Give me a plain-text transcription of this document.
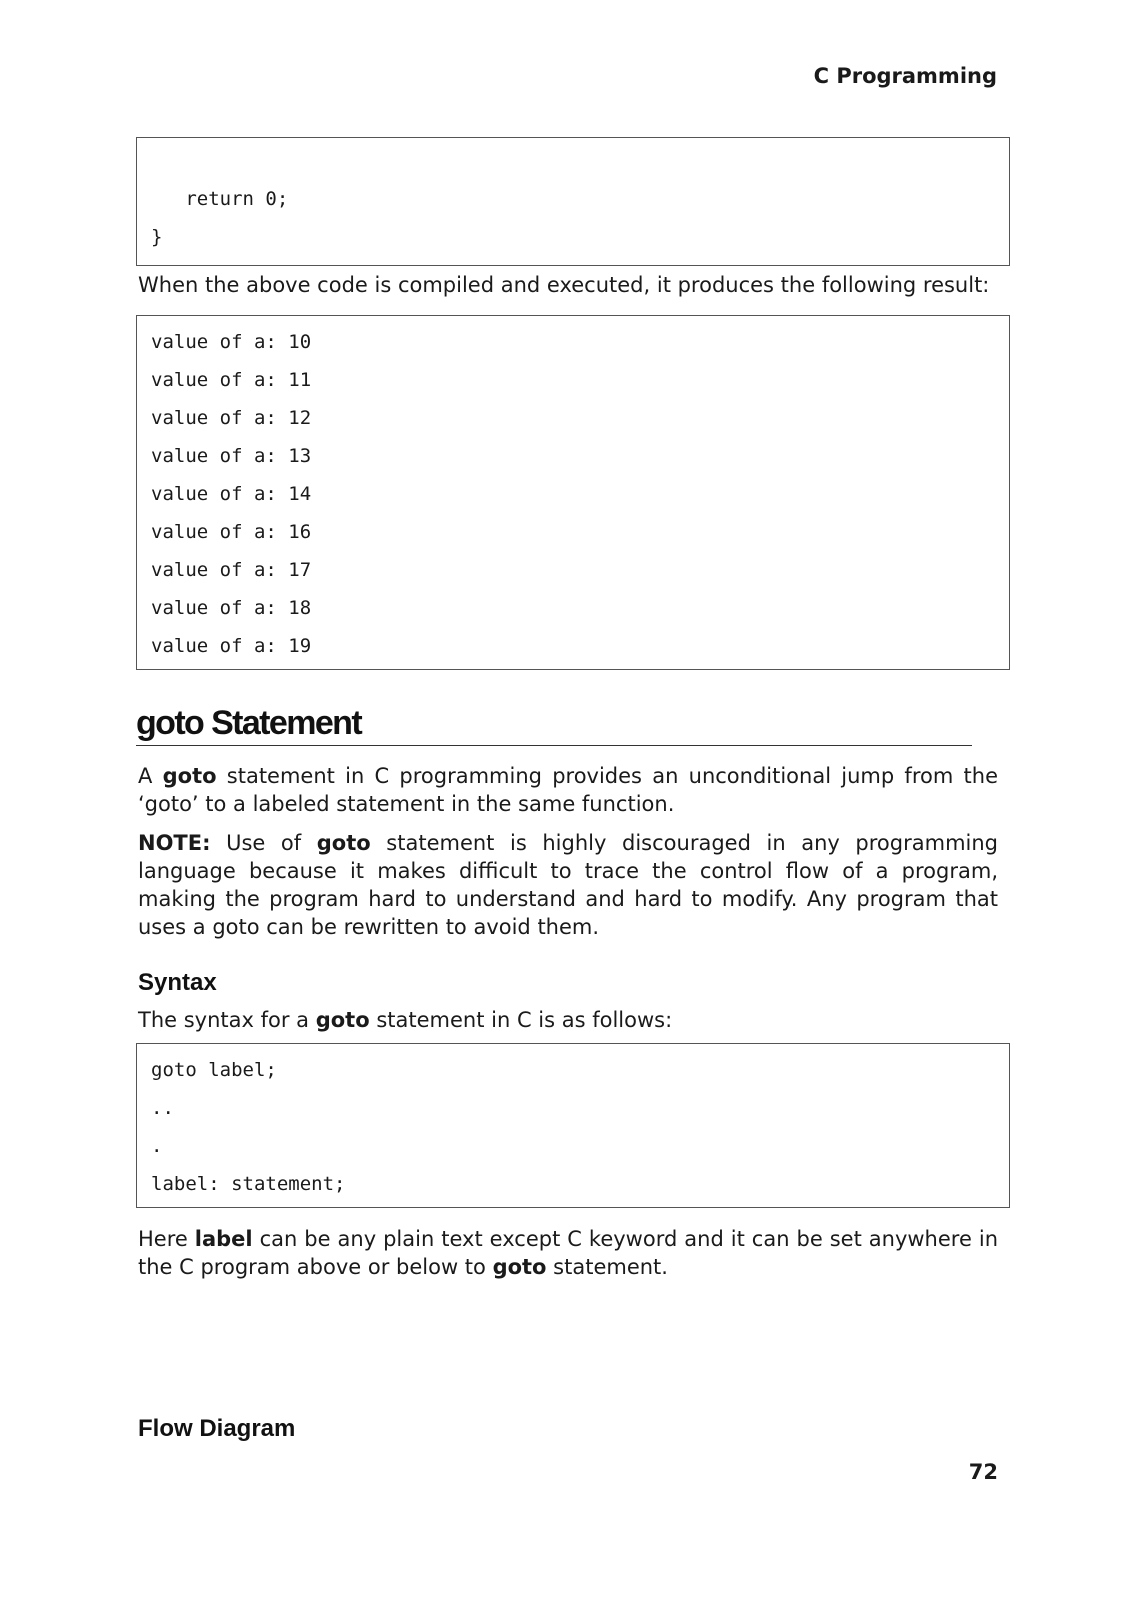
C Programming
return 0;
}

When the above code is compiled and executed, it produces the following result:

value of a: 10
value of a: 11
value of a: 12
value of a: 13
value of a: 14
value of a: 16
value of a: 17
value of a: 18
value of a: 19
goto Statement

A goto statement in C programming provides an unconditional jump from the ‘goto’ to a labeled statement in the same function.

NOTE: Use of goto statement is highly discouraged in any programming language because it makes difficult to trace the control flow of a program, making the program hard to understand and hard to modify. Any program that uses a goto can be rewritten to avoid them.

Syntax

The syntax for a goto statement in C is as follows:

goto label;
..
.
label: statement;

Here label can be any plain text except C keyword and it can be set anywhere in the C program above or below to goto statement.

Flow Diagram
72
